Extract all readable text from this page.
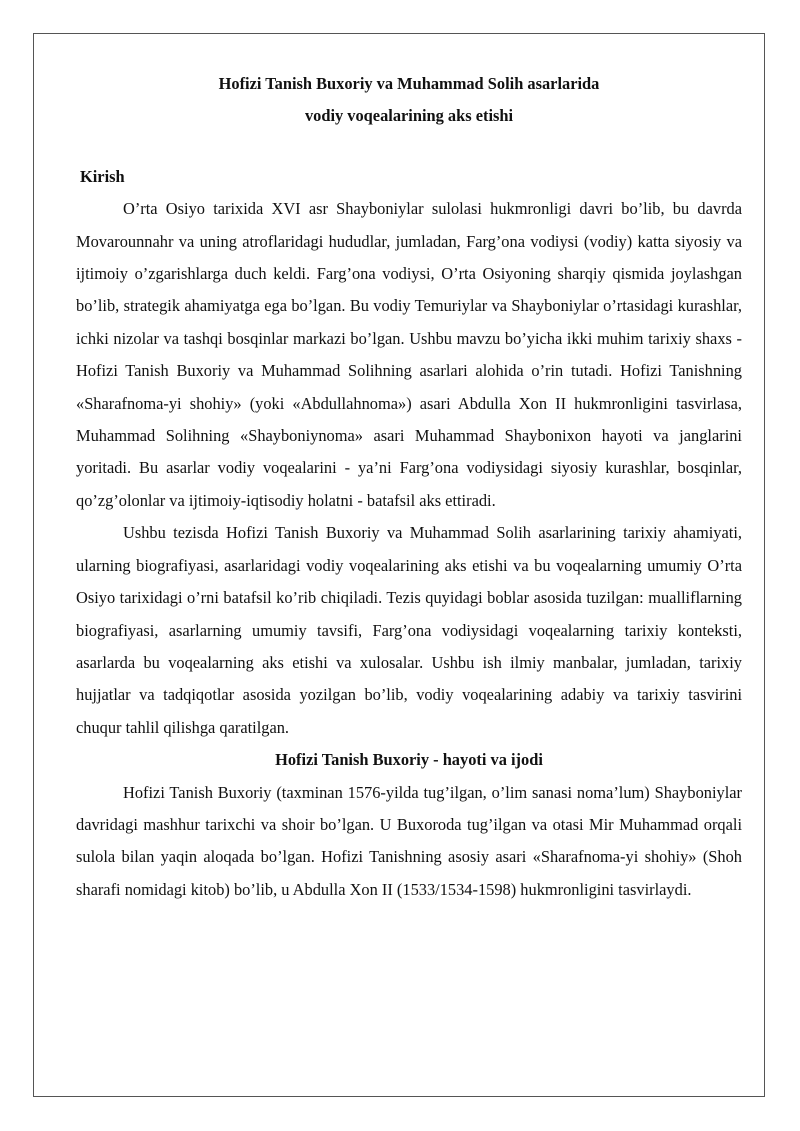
Hofizi Tanish Buxoriy va Muhammad Solih asarlarida

vodiy voqealarining aks etishi

Kirish

O’rta Osiyo tarixida XVI asr Shayboniylar sulolasi hukmronligi davri bo’lib, bu davrda Movarounnahr va uning atroflaridagi hududlar, jumladan, Farg’ona vodiysi (vodiy) katta siyosiy va ijtimoiy o’zgarishlarga duch keldi. Farg’ona vodiysi, O’rta Osiyoning sharqiy qismida joylashgan bo’lib, strategik ahamiyatga ega bo’lgan. Bu vodiy Temuriylar va Shayboniylar o’rtasidagi kurashlar, ichki nizolar va tashqi bosqinlar markazi bo’lgan. Ushbu mavzu bo’yicha ikki muhim tarixiy shaxs - Hofizi Tanish Buxoriy va Muhammad Solihning asarlari alohida o’rin tutadi. Hofizi Tanishning «Sharafnoma-yi shohiy» (yoki «Abdullahnoma») asari Abdulla Xon II hukmronligini tasvirlasa, Muhammad Solihning «Shayboniynoma» asari Muhammad Shaybonixon hayoti va janglarini yoritadi. Bu asarlar vodiy voqealarini - ya’ni Farg’ona vodiysidagi siyosiy kurashlar, bosqinlar, qo’zg’olonlar va ijtimoiy-iqtisodiy holatni - batafsil aks ettiradi.

Ushbu tezisda Hofizi Tanish Buxoriy va Muhammad Solih asarlarining tarixiy ahamiyati, ularning biografiyasi, asarlaridagi vodiy voqealarining aks etishi va bu voqealarning umumiy O’rta Osiyo tarixidagi o’rni batafsil ko’rib chiqiladi. Tezis quyidagi boblar asosida tuzilgan: mualliflarning biografiyasi, asarlarning umumiy tavsifi, Farg’ona vodiysidagi voqealarning tarixiy konteksti, asarlarda bu voqealarning aks etishi va xulosalar. Ushbu ish ilmiy manbalar, jumladan, tarixiy hujjatlar va tadqiqotlar asosida yozilgan bo’lib, vodiy voqealarining adabiy va tarixiy tasvirini chuqur tahlil qilishga qaratilgan.

Hofizi Tanish Buxoriy - hayoti va ijodi

Hofizi Tanish Buxoriy (taxminan 1576-yilda tug’ilgan, o’lim sanasi noma’lum) Shayboniylar davridagi mashhur tarixchi va shoir bo’lgan. U Buxoroda tug’ilgan va otasi Mir Muhammad orqali sulola bilan yaqin aloqada bo’lgan. Hofizi Tanishning asosiy asari «Sharafnoma-yi shohiy» (Shoh sharafi nomidagi kitob) bo’lib, u Abdulla Xon II (1533/1534-1598) hukmronligini tasvirlaydi.
